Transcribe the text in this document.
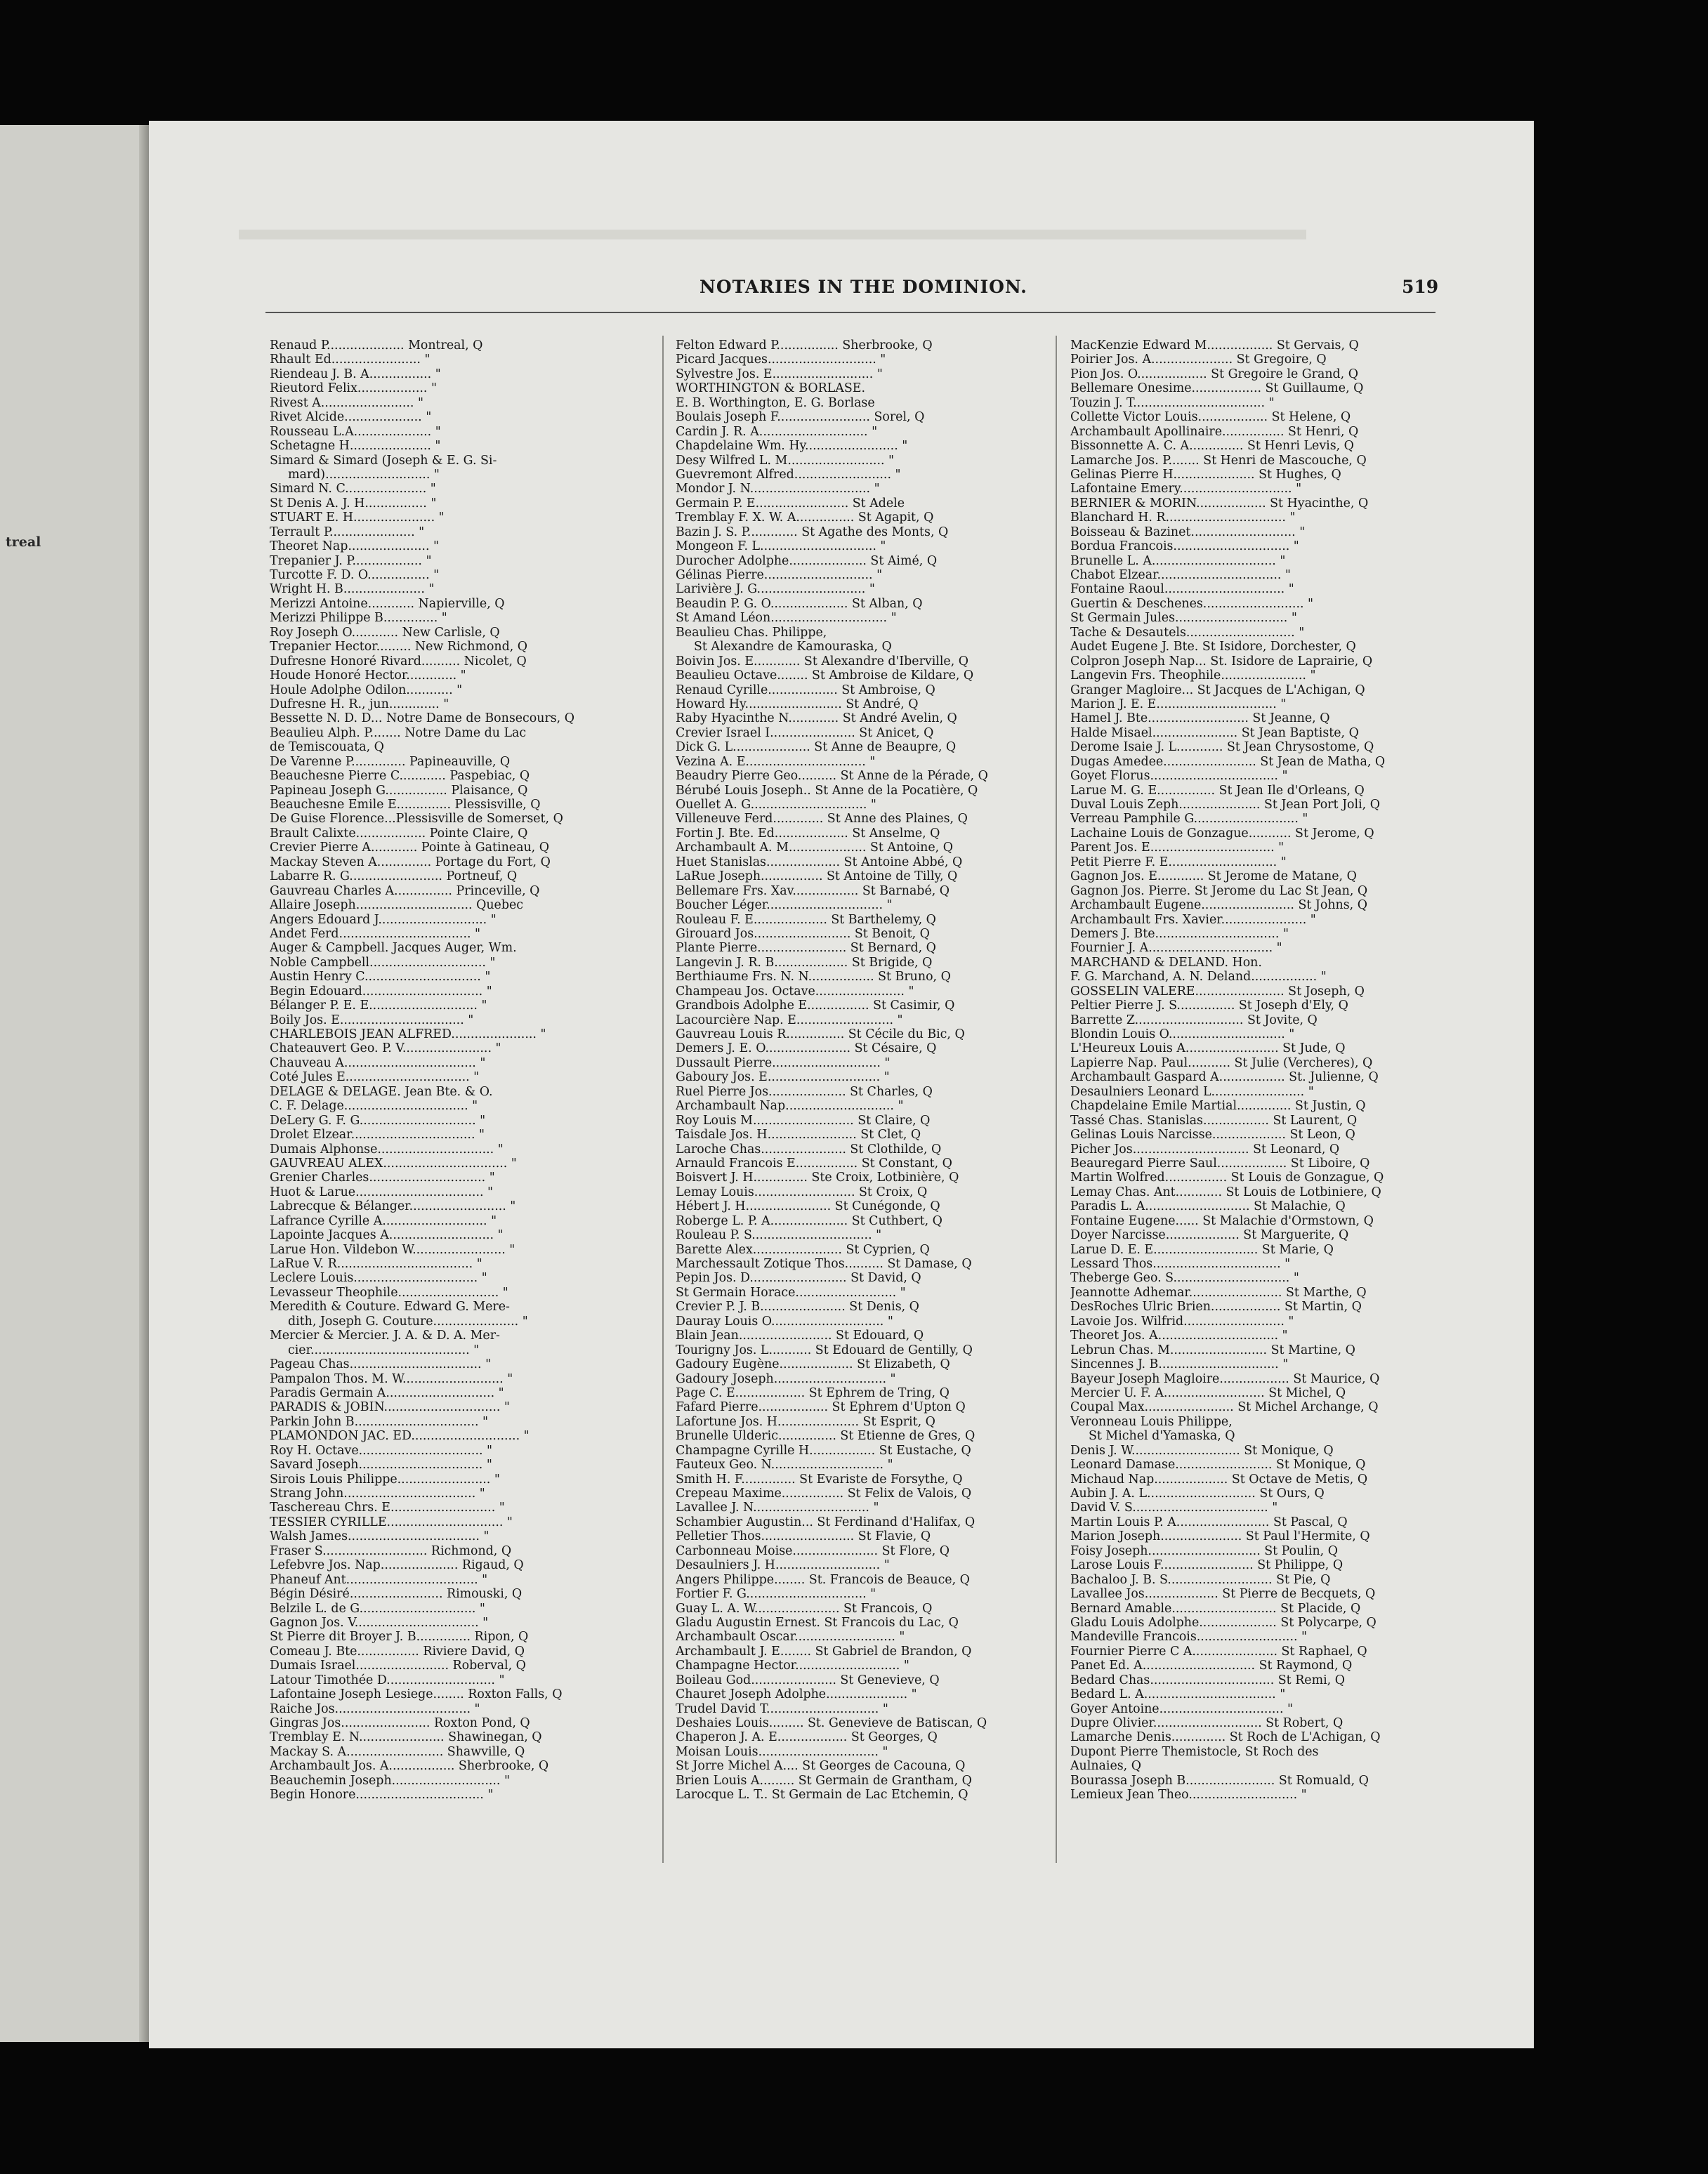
treal
NOTARIES IN THE DOMINION.	519
Renaud P.................... Montreal, Q
Rhault Ed....................... "
Riendeau J. B. A................ "
Rieutord Felix.................. "
Rivest A........................ "
Rivet Alcide.................... "
Rousseau L.A.................... "
Schetagne H..................... "
Simard & Simard (Joseph & E. G. Si-
mard)........................... "
Simard N. C..................... "
St Denis A. J. H................ "
STUART E. H..................... "
Terrault P...................... "
Theoret Nap..................... "
Trepanier J. P.................. "
Turcotte F. D. O................ "
Wright H. B..................... "
Merizzi Antoine............ Napierville, Q
Merizzi Philippe B.............. "
Roy Joseph O............ New Carlisle, Q
Trepanier Hector......... New Richmond, Q
Dufresne Honoré Rivard.......... Nicolet, Q
Houde Honoré Hector............. "
Houle Adolphe Odilon............ "
Dufresne H. R., jun............. "
Bessette N. D. D... Notre Dame de Bonsecours, Q
Beaulieu Alph. P........ Notre Dame du Lac
de Temiscouata, Q
De Varenne P.............. Papineauville, Q
Beauchesne Pierre C............ Paspebiac, Q
Papineau Joseph G................ Plaisance, Q
Beauchesne Emile E.............. Plessisville, Q
De Guise Florence...Plessisville de Somerset, Q
Brault Calixte.................. Pointe Claire, Q
Crevier Pierre A............ Pointe à Gatineau, Q
Mackay Steven A.............. Portage du Fort, Q
Labarre R. G........................ Portneuf, Q
Gauvreau Charles A............... Princeville, Q
Allaire Joseph.............................. Quebec
Angers Edouard J............................ "
Andet Ferd.................................. "
Auger & Campbell. Jacques Auger, Wm.
Noble Campbell.............................. "
Austin Henry C.............................. "
Begin Edouard............................... "
Bélanger P. E. E............................ "
Boily Jos. E................................ "
CHARLEBOIS JEAN ALFRED...................... "
Chateauvert Geo. P. V....................... "
Chauveau A.................................. "
Coté Jules E................................ "
DELAGE & DELAGE. Jean Bte. & O.
C. F. Delage................................ "
DeLery G. F. G.............................. "
Drolet Elzear................................ "
Dumais Alphonse.............................. "
GAUVREAU ALEX................................ "
Grenier Charles.............................. "
Huot & Larue................................. "
Labrecque & Bélanger......................... "
Lafrance Cyrille A........................... "
Lapointe Jacques A........................... "
Larue Hon. Vildebon W........................ "
LaRue V. R................................... "
Leclere Louis................................ "
Levasseur Theophile.......................... "
Meredith & Couture. Edward G. Mere-
dith, Joseph G. Couture...................... "
Mercier & Mercier. J. A. & D. A. Mer-
cier......................................... "
Pageau Chas.................................. "
Pampalon Thos. M. W.......................... "
Paradis Germain A............................ "
PARADIS & JOBIN.............................. "
Parkin John B................................ "
PLAMONDON JAC. ED............................ "
Roy H. Octave................................ "
Savard Joseph................................ "
Sirois Louis Philippe........................ "
Strang John.................................. "
Taschereau Chrs. E........................... "
TESSIER CYRILLE.............................. "
Walsh James.................................. "
Fraser S........................... Richmond, Q
Lefebvre Jos. Nap.................... Rigaud, Q
Phaneuf Ant.................................. "
Bégin Désiré........................ Rimouski, Q
Belzile L. de G.............................. "
Gagnon Jos. V................................ "
St Pierre dit Broyer J. B.............. Ripon, Q
Comeau J. Bte................ Riviere David, Q
Dumais Israel........................ Roberval, Q
Latour Timothée D............................ "
Lafontaine Joseph Lesiege........ Roxton Falls, Q
Raiche Jos................................... "
Gingras Jos....................... Roxton Pond, Q
Tremblay E. N...................... Shawinegan, Q
Mackay S. A......................... Shawville, Q
Archambault Jos. A................. Sherbrooke, Q
Beauchemin Joseph............................ "
Begin Honore................................. "
Felton Edward P................ Sherbrooke, Q
Picard Jacques............................ "
Sylvestre Jos. E.......................... "
WORTHINGTON & BORLASE.
E. B. Worthington, E. G. Borlase
Boulais Joseph F........................ Sorel, Q
Cardin J. R. A............................ "
Chapdelaine Wm. Hy........................ "
Desy Wilfred L. M......................... "
Guevremont Alfred......................... "
Mondor J. N............................... "
Germain P. E........................ St Adele
Tremblay F. X. W. A............... St Agapit, Q
Bazin J. S. P............. St Agathe des Monts, Q
Mongeon F. L.............................. "
Durocher Adolphe.................... St Aimé, Q
Gélinas Pierre............................ "
Larivière J. G............................ "
Beaudin P. G. O.................... St Alban, Q
St Amand Léon.............................. "
Beaulieu Chas. Philippe,
St Alexandre de Kamouraska, Q
Boivin Jos. E............ St Alexandre d'Iberville, Q
Beaulieu Octave........ St Ambroise de Kildare, Q
Renaud Cyrille.................. St Ambroise, Q
Howard Hy......................... St André, Q
Raby Hyacinthe N............. St André Avelin, Q
Crevier Israel I...................... St Anicet, Q
Dick G. L.................... St Anne de Beaupre, Q
Vezina A. E............................... "
Beaudry Pierre Geo.......... St Anne de la Pérade, Q
Bérubé Louis Joseph.. St Anne de la Pocatière, Q
Ouellet A. G.............................. "
Villeneuve Ferd............. St Anne des Plaines, Q
Fortin J. Bte. Ed................... St Anselme, Q
Archambault A. M.................... St Antoine, Q
Huet Stanislas................... St Antoine Abbé, Q
LaRue Joseph................ St Antoine de Tilly, Q
Bellemare Frs. Xav................. St Barnabé, Q
Boucher Léger.............................. "
Rouleau F. E................... St Barthelemy, Q
Girouard Jos......................... St Benoit, Q
Plante Pierre....................... St Bernard, Q
Langevin J. R. B................... St Brigide, Q
Berthiaume Frs. N. N................. St Bruno, Q
Champeau Jos. Octave....................... "
Grandbois Adolphe E................ St Casimir, Q
Lacourcière Nap. E......................... "
Gauvreau Louis R............... St Cécile du Bic, Q
Demers J. E. O...................... St Césaire, Q
Dussault Pierre............................ "
Gaboury Jos. E............................. "
Ruel Pierre Jos.................... St Charles, Q
Archambault Nap............................ "
Roy Louis M.......................... St Claire, Q
Taisdale Jos. H....................... St Clet, Q
Laroche Chas...................... St Clothilde, Q
Arnauld Francois E................ St Constant, Q
Boisvert J. H.............. Ste Croix, Lotbinière, Q
Lemay Louis.......................... St Croix, Q
Hébert J. H...................... St Cunégonde, Q
Roberge L. P. A.................... St Cuthbert, Q
Rouleau P. S............................... "
Barette Alex....................... St Cyprien, Q
Marchessault Zotique Thos.......... St Damase, Q
Pepin Jos. D......................... St David, Q
St Germain Horace.......................... "
Crevier P. J. B...................... St Denis, Q
Dauray Louis O............................. "
Blain Jean........................ St Edouard, Q
Tourigny Jos. L........... St Edouard de Gentilly, Q
Gadoury Eugène................... St Elizabeth, Q
Gadoury Joseph............................. "
Page C. E.................. St Ephrem de Tring, Q
Fafard Pierre.................. St Ephrem d'Upton Q
Lafortune Jos. H..................... St Esprit, Q
Brunelle Ulderic............... St Etienne de Gres, Q
Champagne Cyrille H................. St Eustache, Q
Fauteux Geo. N............................. "
Smith H. F.............. St Evariste de Forsythe, Q
Crepeau Maxime................ St Felix de Valois, Q
Lavallee J. N.............................. "
Schambier Augustin... St Ferdinand d'Halifax, Q
Pelletier Thos........................ St Flavie, Q
Carbonneau Moise...................... St Flore, Q
Desaulniers J. H........................... "
Angers Philippe........ St. Francois de Beauce, Q
Fortier F. G............................... "
Guay L. A. W...................... St Francois, Q
Gladu Augustin Ernest. St Francois du Lac, Q
Archambault Oscar.......................... "
Archambault J. E........ St Gabriel de Brandon, Q
Champagne Hector........................... "
Boileau God...................... St Genevieve, Q
Chauret Joseph Adolphe..................... "
Trudel David T............................. "
Deshaies Louis......... St. Genevieve de Batiscan, Q
Chaperon J. A. E.................. St Georges, Q
Moisan Louis............................... "
St Jorre Michel A.... St Georges de Cacouna, Q
Brien Louis A......... St Germain de Grantham, Q
Larocque L. T.. St Germain de Lac Etchemin, Q
MacKenzie Edward M................. St Gervais, Q
Poirier Jos. A..................... St Gregoire, Q
Pion Jos. O.................. St Gregoire le Grand, Q
Bellemare Onesime.................. St Guillaume, Q
Touzin J. T.................................. "
Collette Victor Louis.................. St Helene, Q
Archambault Apollinaire................ St Henri, Q
Bissonnette A. C. A.............. St Henri Levis, Q
Lamarche Jos. P........ St Henri de Mascouche, Q
Gelinas Pierre H..................... St Hughes, Q
Lafontaine Emery............................. "
BERNIER & MORIN.................. St Hyacinthe, Q
Blanchard H. R............................... "
Boisseau & Bazinet........................... "
Bordua Francois.............................. "
Brunelle L. A................................ "
Chabot Elzear................................ "
Fontaine Raoul............................... "
Guertin & Deschenes.......................... "
St Germain Jules............................. "
Tache & Desautels............................ "
Audet Eugene J. Bte. St Isidore, Dorchester, Q
Colpron Joseph Nap... St. Isidore de Laprairie, Q
Langevin Frs. Theophile...................... "
Granger Magloire... St Jacques de L'Achigan, Q
Marion J. E. E............................... "
Hamel J. Bte.......................... St Jeanne, Q
Halde Misael...................... St Jean Baptiste, Q
Derome Isaie J. L............ St Jean Chrysostome, Q
Dugas Amedee........................ St Jean de Matha, Q
Goyet Florus................................. "
Larue M. G. E............... St Jean Ile d'Orleans, Q
Duval Louis Zeph..................... St Jean Port Joli, Q
Verreau Pamphile G........................... "
Lachaine Louis de Gonzague........... St Jerome, Q
Parent Jos. E................................ "
Petit Pierre F. E............................ "
Gagnon Jos. E............ St Jerome de Matane, Q
Gagnon Jos. Pierre. St Jerome du Lac St Jean, Q
Archambault Eugene........................ St Johns, Q
Archambault Frs. Xavier...................... "
Demers J. Bte................................ "
Fournier J. A................................ "
MARCHAND & DELAND. Hon.
F. G. Marchand, A. N. Deland................. "
GOSSELIN VALERE....................... St Joseph, Q
Peltier Pierre J. S............... St Joseph d'Ely, Q
Barrette Z............................ St Jovite, Q
Blondin Louis O.............................. "
L'Heureux Louis A........................ St Jude, Q
Lapierre Nap. Paul........... St Julie (Vercheres), Q
Archambault Gaspard A................. St. Julienne, Q
Desaulniers Leonard L........................ "
Chapdelaine Emile Martial.............. St Justin, Q
Tassé Chas. Stanislas................. St Laurent, Q
Gelinas Louis Narcisse................... St Leon, Q
Picher Jos.............................. St Leonard, Q
Beauregard Pierre Saul.................. St Liboire, Q
Martin Wolfred................ St Louis de Gonzague, Q
Lemay Chas. Ant............ St Louis de Lotbiniere, Q
Paradis L. A........................... St Malachie, Q
Fontaine Eugene...... St Malachie d'Ormstown, Q
Doyer Narcisse................... St Marguerite, Q
Larue D. E. E........................... St Marie, Q
Lessard Thos................................. "
Theberge Geo. S.............................. "
Jeannotte Adhemar........................ St Marthe, Q
DesRoches Ulric Brien.................. St Martin, Q
Lavoie Jos. Wilfrid.......................... "
Theoret Jos. A............................... "
Lebrun Chas. M......................... St Martine, Q
Sincennes J. B............................... "
Bayeur Joseph Magloire.................. St Maurice, Q
Mercier U. F. A.......................... St Michel, Q
Coupal Max....................... St Michel Archange, Q
Veronneau Louis Philippe,
St Michel d'Yamaska, Q
Denis J. W............................ St Monique, Q
Leonard Damase......................... St Monique, Q
Michaud Nap................... St Octave de Metis, Q
Aubin J. A. L............................ St Ours, Q
David V. S................................... "
Martin Louis P. A........................ St Pascal, Q
Marion Joseph..................... St Paul l'Hermite, Q
Foisy Joseph............................. St Poulin, Q
Larose Louis F........................ St Philippe, Q
Bachaloo J. B. S........................... St Pie, Q
Lavallee Jos................... St Pierre de Becquets, Q
Bernard Amable........................... St Placide, Q
Gladu Louis Adolphe.................... St Polycarpe, Q
Mandeville Francois.......................... "
Fournier Pierre C A...................... St Raphael, Q
Panet Ed. A............................. St Raymond, Q
Bedard Chas................................ St Remi, Q
Bedard L. A.................................. "
Goyer Antoine................................ "
Dupre Olivier............................ St Robert, Q
Lamarche Denis.............. St Roch de L'Achigan, Q
Dupont Pierre Themistocle, St Roch des
Aulnaies, Q
Bourassa Joseph B....................... St Romuald, Q
Lemieux Jean Theo............................ "
